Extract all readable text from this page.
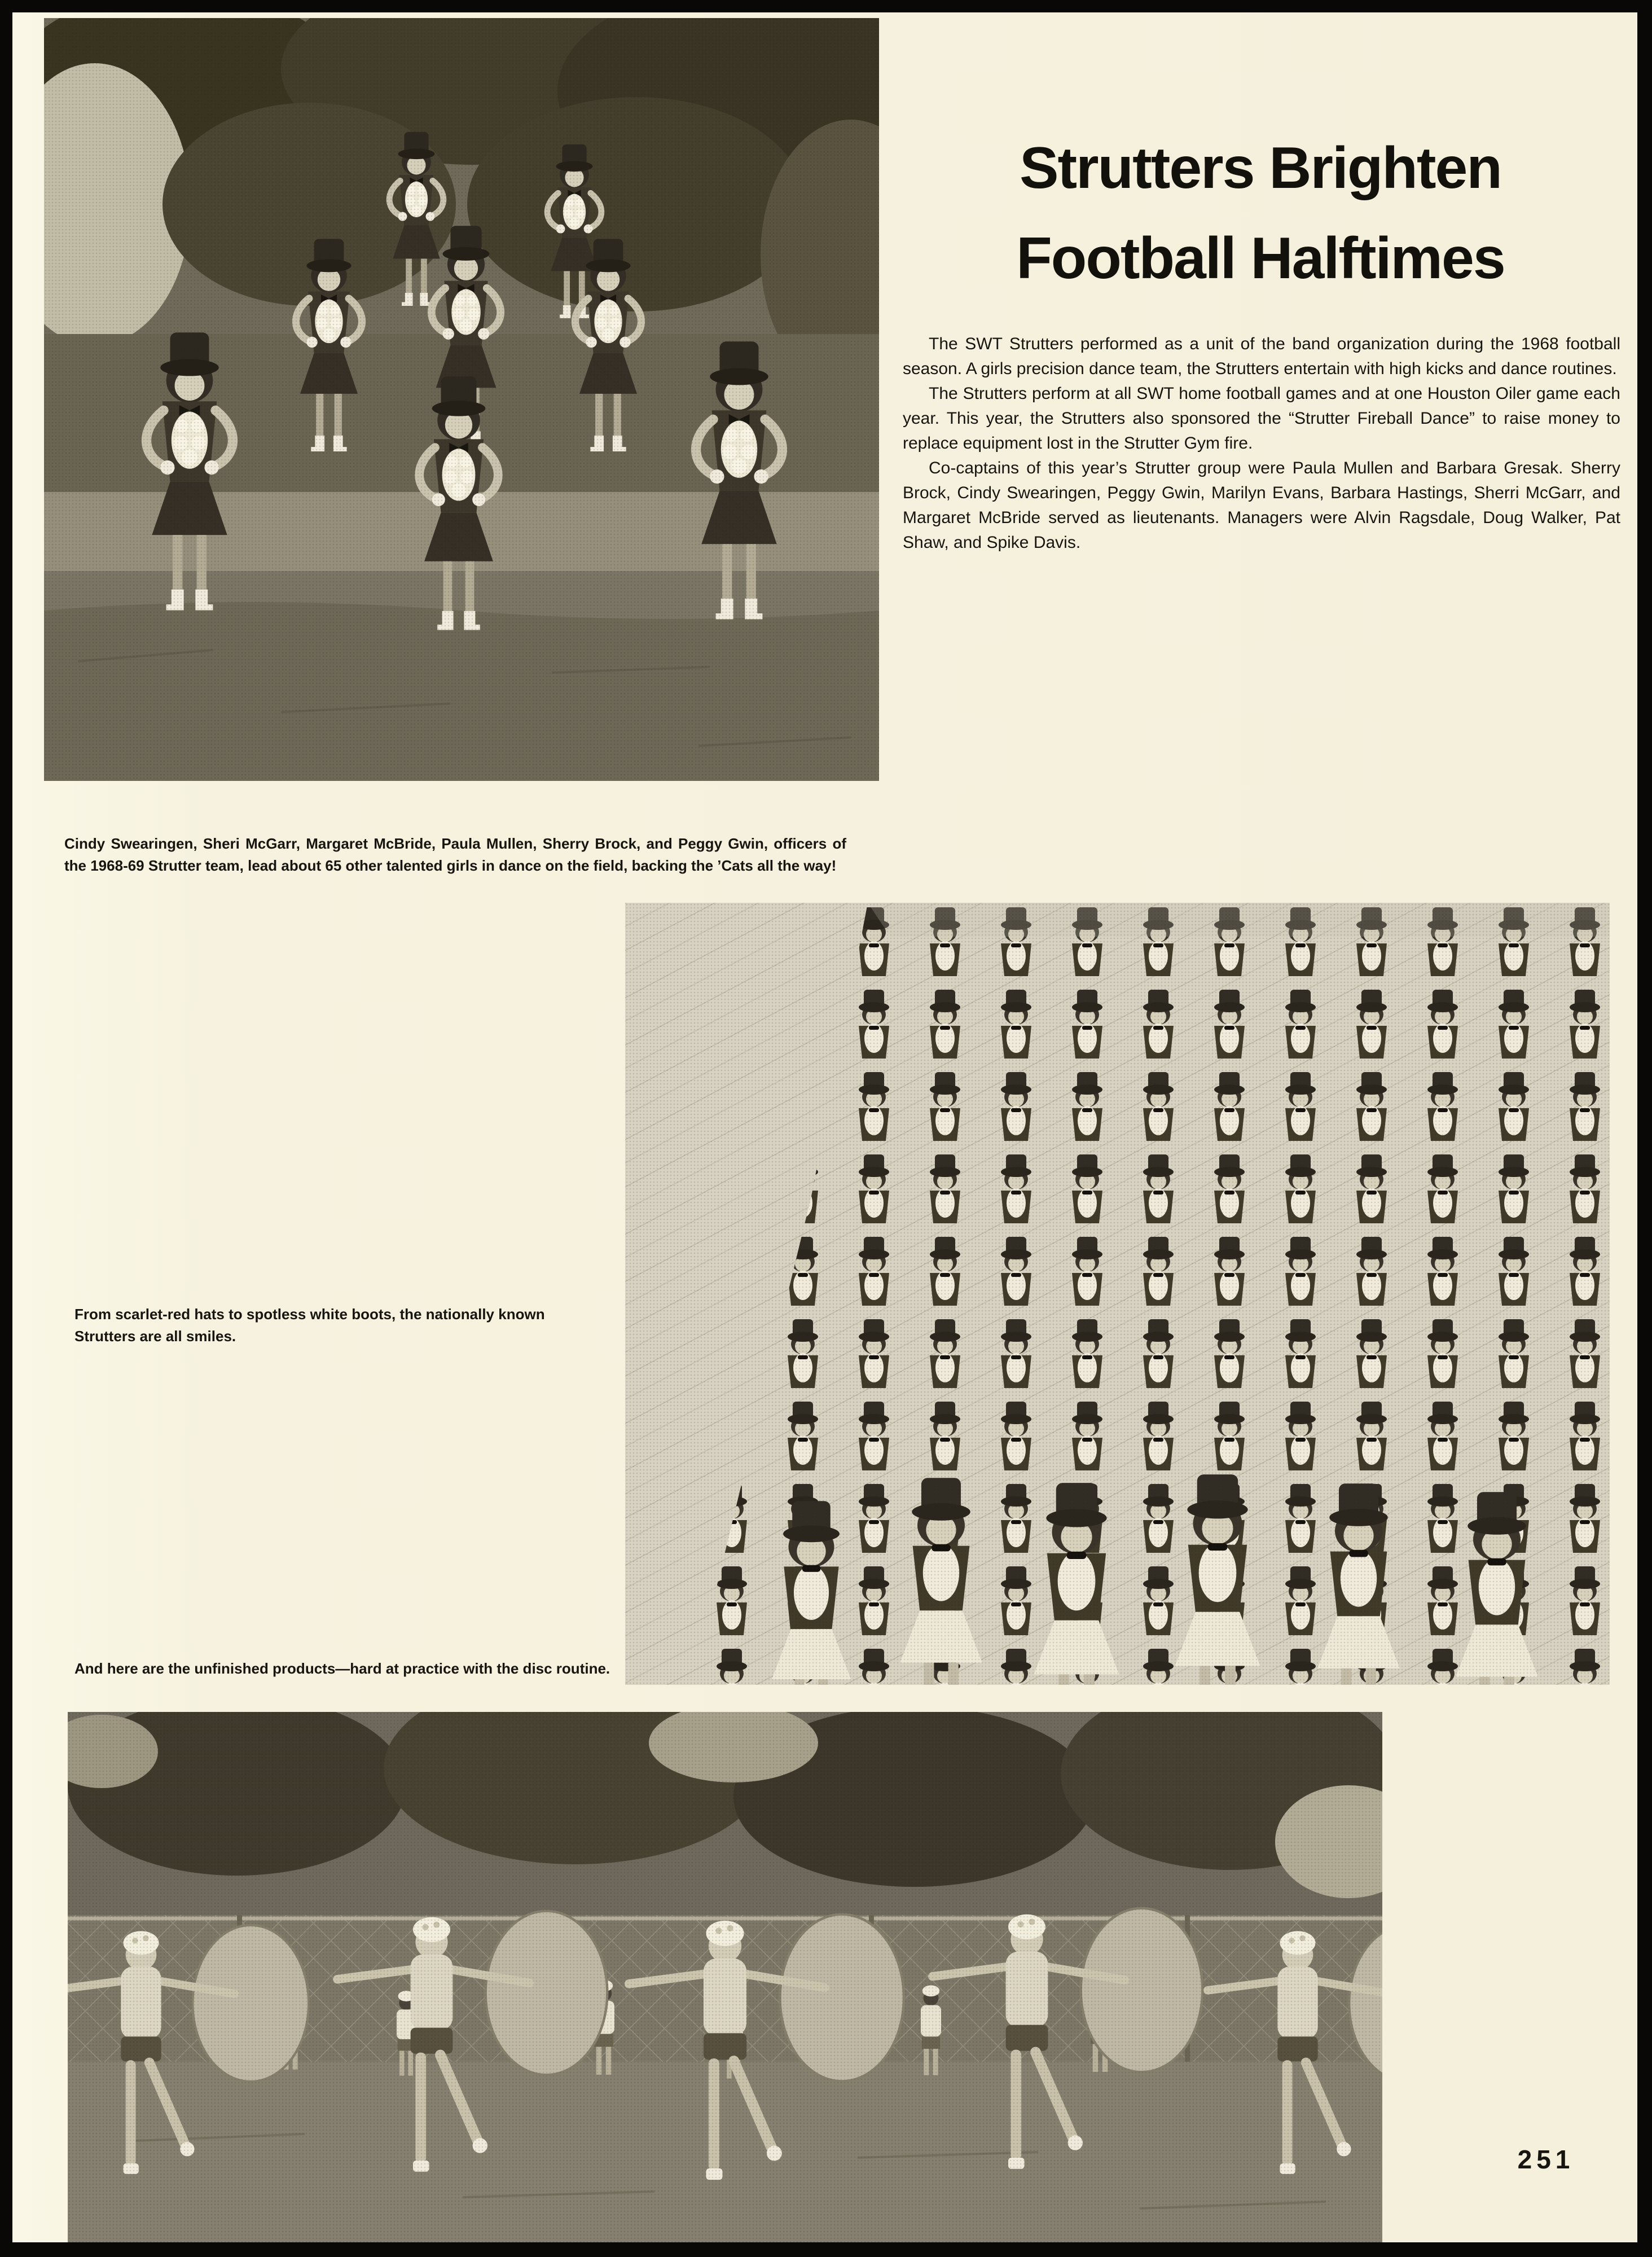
Strutters Brighten
Football Halftimes

The SWT Strutters performed as a unit of the band organization during the 1968 football season. A girls precision dance team, the Strutters entertain with high kicks and dance routines.

The Strutters perform at all SWT home football games and at one Houston Oiler game each year. This year, the Strutters also sponsored the “Strutter Fireball Dance” to raise money to replace equipment lost in the Strutter Gym fire.

Co-captains of this year’s Strutter group were Paula Mullen and Barbara Gresak. Sherry Brock, Cindy Swearingen, Peggy Gwin, Marilyn Evans, Barbara Hastings, Sherri McGarr, and Margaret McBride served as lieutenants. Managers were Alvin Ragsdale, Doug Walker, Pat Shaw, and Spike Davis.

Cindy Swearingen, Sheri McGarr, Margaret McBride, Paula Mullen, Sherry Brock, and Peggy Gwin, officers of the 1968-69 Strutter team, lead about 65 other talented girls in dance on the field, backing the ’Cats all the way!

From scarlet-red hats to spotless white boots, the nationally known Strutters are all smiles.

And here are the unfinished products—hard at practice with the disc routine.

251
